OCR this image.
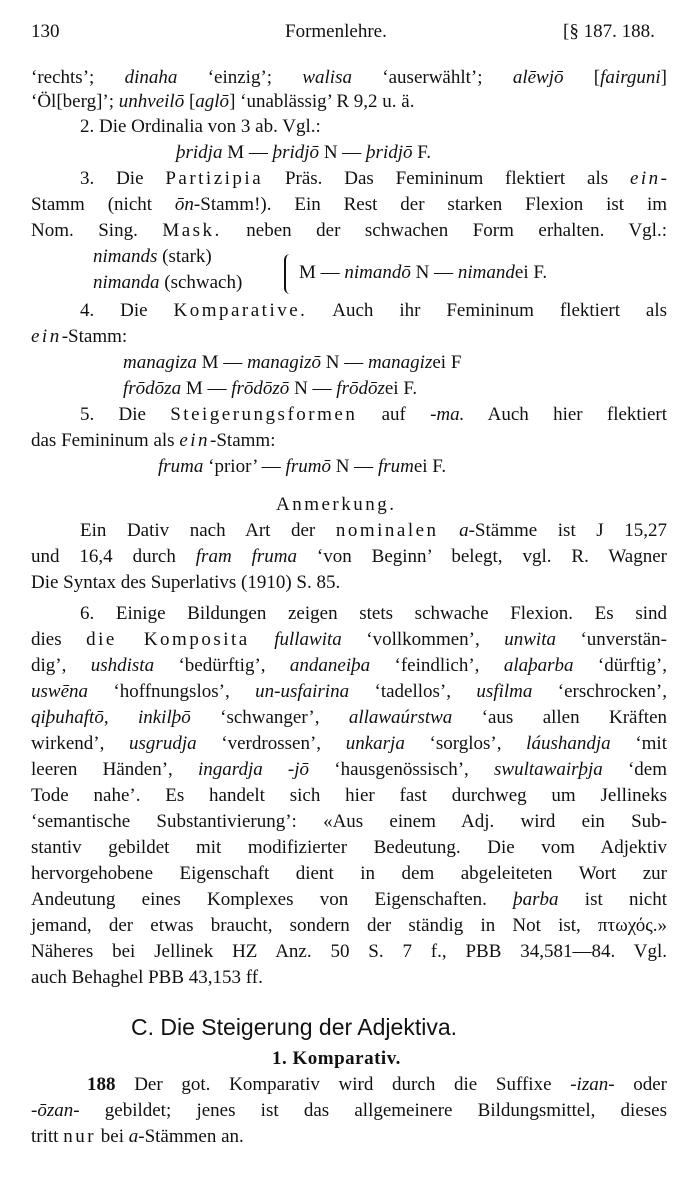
130	Formenlehre.	[§ 187. 188.
‘rechts’; dinaha ‘einzig’; walisa ‘auserwählt’; alēwjō [fairguni]
‘Öl[berg]’; unhveilō [aglō] ‘unablässig’ R 9,2 u. ä.
2. Die Ordinalia von 3 ab. Vgl.:
þridja M — þridjō N — þridjō F.
3. Die Partizipia Präs. Das Femininum flektiert als ein-
Stamm (nicht ōn-Stamm!). Ein Rest der starken Flexion ist im
Nom. Sing. Mask. neben der schwachen Form erhalten. Vgl.:
nimands (stark)
nimanda (schwach)	M — nimandō N — nimandei F.
4. Die Komparative. Auch ihr Femininum flektiert als
ein-Stamm:
managiza M — managizō N — managizei F
frōdōza M — frōdōzō N — frōdōzei F.
5. Die Steigerungsformen auf -ma. Auch hier flektiert
das Femininum als ein-Stamm:
fruma ‘prior’ — frumō N — frumei F.
Anmerkung.
Ein Dativ nach Art der nominalen a-Stämme ist J 15,27
und 16,4 durch fram fruma ‘von Beginn’ belegt, vgl. R. Wagner
Die Syntax des Superlativs (1910) S. 85.
6. Einige Bildungen zeigen stets schwache Flexion. Es sind
dies die Komposita fullawita ‘vollkommen’, unwita ‘unverstän-
dig’, ushdista ‘bedürftig’, andaneiþa ‘feindlich’, alaþarba ‘dürftig’,
uswēna ‘hoffnungslos’, un-usfairina ‘tadellos’, usfilma ‘erschrocken’,
qiþuhaftō, inkilþō ‘schwanger’, allawaúrstwa ‘aus allen Kräften
wirkend’, usgrudja ‘verdrossen’, unkarja ‘sorglos’, láushandja ‘mit
leeren Händen’, ingardja -jō ‘hausgenössisch’, swultawairþja ‘dem
Tode nahe’. Es handelt sich hier fast durchweg um Jellineks
‘semantische Substantivierung’: «Aus einem Adj. wird ein Sub-
stantiv gebildet mit modifizierter Bedeutung. Die vom Adjektiv
hervorgehobene Eigenschaft dient in dem abgeleiteten Wort zur
Andeutung eines Komplexes von Eigenschaften. þarba ist nicht
jemand, der etwas braucht, sondern der ständig in Not ist, πτωχός.»
Näheres bei Jellinek HZ Anz. 50 S. 7 f., PBB 34,581—84. Vgl.
auch Behaghel PBB 43,153 ff.
C. Die Steigerung der Adjektiva.
1. Komparativ.
188 Der got. Komparativ wird durch die Suffixe -izan- oder
-ōzan- gebildet; jenes ist das allgemeinere Bildungsmittel, dieses
tritt nur bei a-Stämmen an.
